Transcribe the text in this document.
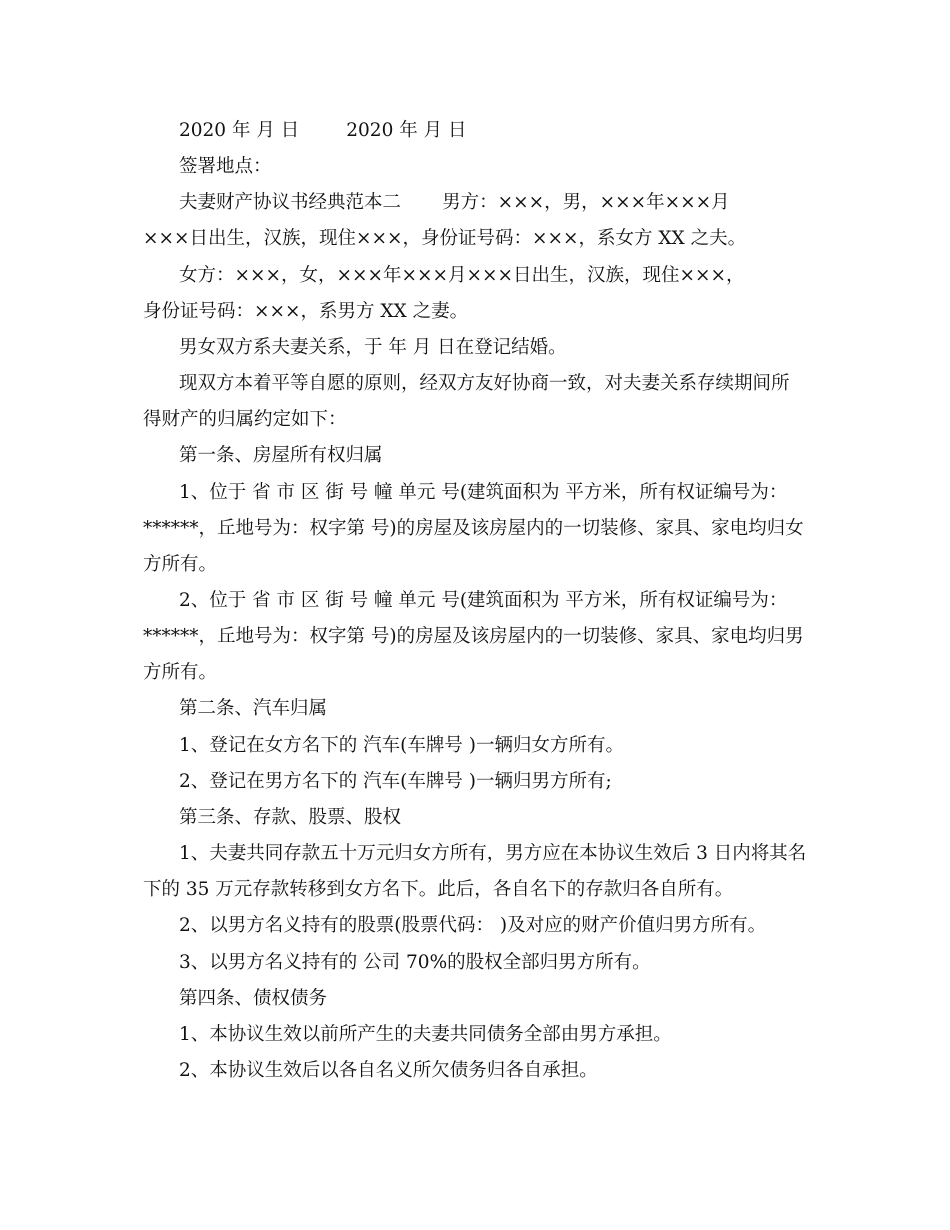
2020 年 月 日        2020 年 月 日

签署地点：

夫妻财产协议书经典范本二       男方：×××，男，×××年×××月

×××日出生，汉族，现住×××，身份证号码：×××，系女方 XX 之夫。

女方：×××，女，×××年×××月×××日出生，汉族，现住×××，

身份证号码：×××，系男方 XX 之妻。

男女双方系夫妻关系，于 年 月 日在登记结婚。

现双方本着平等自愿的原则，经双方友好协商一致，对夫妻关系存续期间所

得财产的归属约定如下：

第一条、房屋所有权归属

1、位于 省 市 区 街 号 幢 单元 号(建筑面积为 平方米，所有权证编号为：

******，丘地号为：权字第 号)的房屋及该房屋内的一切装修、家具、家电均归女

方所有。

2、位于 省 市 区 街 号 幢 单元 号(建筑面积为 平方米，所有权证编号为：

******，丘地号为：权字第 号)的房屋及该房屋内的一切装修、家具、家电均归男

方所有。

第二条、汽车归属

1、登记在女方名下的 汽车(车牌号 )一辆归女方所有。

2、登记在男方名下的 汽车(车牌号 )一辆归男方所有;

第三条、存款、股票、股权

1、夫妻共同存款五十万元归女方所有，男方应在本协议生效后 3 日内将其名

下的 35 万元存款转移到女方名下。此后，各自名下的存款归各自所有。

2、以男方名义持有的股票(股票代码： )及对应的财产价值归男方所有。

3、以男方名义持有的 公司 70%的股权全部归男方所有。

第四条、债权债务

1、本协议生效以前所产生的夫妻共同债务全部由男方承担。

2、本协议生效后以各自名义所欠债务归各自承担。
